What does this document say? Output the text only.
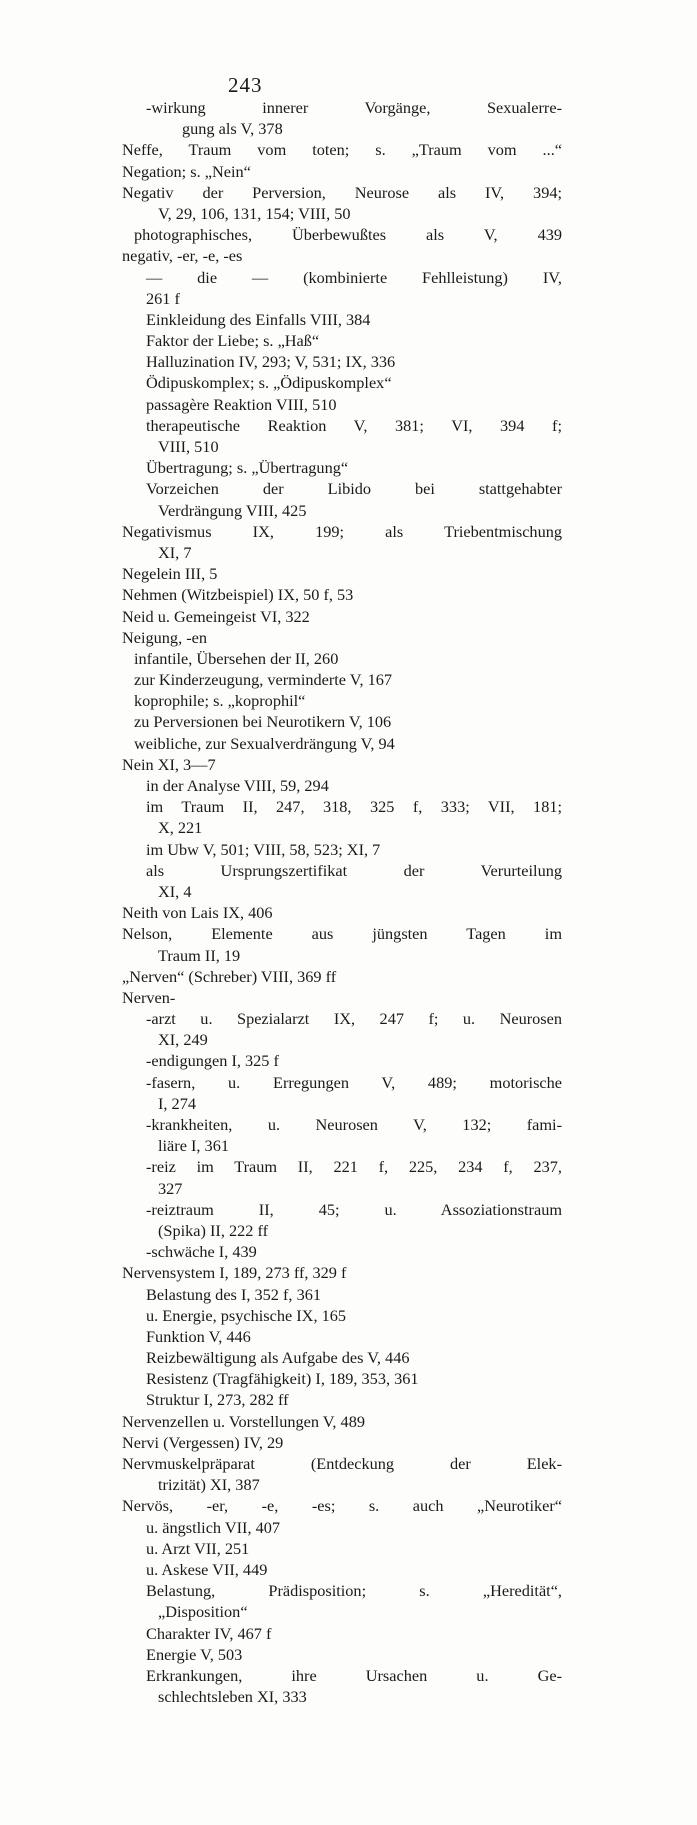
243
-wirkung innerer Vorgänge, Sexualerre-
gung als V, 378
Neffe, Traum vom toten; s. „Traum vom ...“
Negation; s. „Nein“
Negativ der Perversion, Neurose als IV, 394;
V, 29, 106, 131, 154; VIII, 50
photographisches, Überbewußtes als V, 439
negativ, -er, -e, -es
— die — (kombinierte Fehlleistung) IV,
261 f
Einkleidung des Einfalls VIII, 384
Faktor der Liebe; s. „Haß“
Halluzination IV, 293; V, 531; IX, 336
Ödipuskomplex; s. „Ödipuskomplex“
passagère Reaktion VIII, 510
therapeutische Reaktion V, 381; VI, 394 f;
VIII, 510
Übertragung; s. „Übertragung“
Vorzeichen der Libido bei stattgehabter
Verdrängung VIII, 425
Negativismus IX, 199; als Triebentmischung
XI, 7
Negelein III, 5
Nehmen (Witzbeispiel) IX, 50 f, 53
Neid u. Gemeingeist VI, 322
Neigung, -en
infantile, Übersehen der II, 260
zur Kinderzeugung, verminderte V, 167
koprophile; s. „koprophil“
zu Perversionen bei Neurotikern V, 106
weibliche, zur Sexualverdrängung V, 94
Nein XI, 3—7
in der Analyse VIII, 59, 294
im Traum II, 247, 318, 325 f, 333; VII, 181;
X, 221
im Ubw V, 501; VIII, 58, 523; XI, 7
als Ursprungszertifikat der Verurteilung
XI, 4
Neith von Lais IX, 406
Nelson, Elemente aus jüngsten Tagen im
Traum II, 19
„Nerven“ (Schreber) VIII, 369 ff
Nerven-
-arzt u. Spezialarzt IX, 247 f; u. Neurosen
XI, 249
-endigungen I, 325 f
-fasern, u. Erregungen V, 489; motorische
I, 274
-krankheiten, u. Neurosen V, 132; fami-
liäre I, 361
-reiz im Traum II, 221 f, 225, 234 f, 237,
327
-reiztraum II, 45; u. Assoziationstraum
(Spika) II, 222 ff
-schwäche I, 439
Nervensystem I, 189, 273 ff, 329 f
Belastung des I, 352 f, 361
u. Energie, psychische IX, 165
Funktion V, 446
Reizbewältigung als Aufgabe des V, 446
Resistenz (Tragfähigkeit) I, 189, 353, 361
Struktur I, 273, 282 ff
Nervenzellen u. Vorstellungen V, 489
Nervi (Vergessen) IV, 29
Nervmuskelpräparat (Entdeckung der Elek-
trizität) XI, 387
Nervös, -er, -e, -es; s. auch „Neurotiker“
u. ängstlich VII, 407
u. Arzt VII, 251
u. Askese VII, 449
Belastung, Prädisposition; s. „Heredität“,
„Disposition“
Charakter IV, 467 f
Energie V, 503
Erkrankungen, ihre Ursachen u. Ge-
schlechtsleben XI, 333
